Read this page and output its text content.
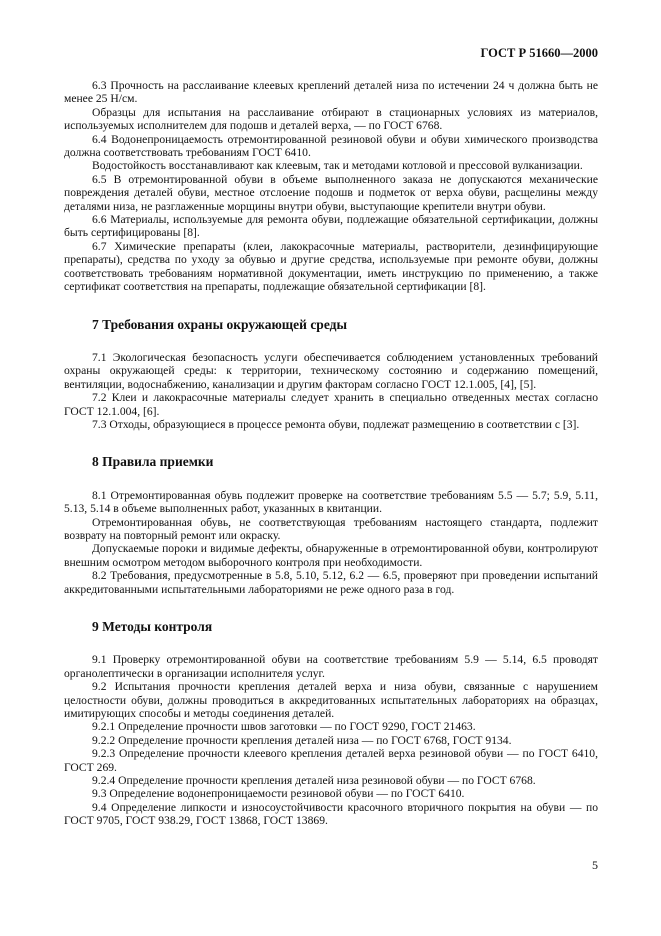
ГОСТ Р 51660—2000

6.3 Прочность на расслаивание клеевых креплений деталей низа по истечении 24 ч должна быть не менее 25 Н/см.

Образцы для испытания на расслаивание отбирают в стационарных условиях из материалов, используемых исполнителем для подошв и деталей верха, — по ГОСТ 6768.

6.4 Водонепроницаемость отремонтированной резиновой обуви и обуви химического производства должна соответствовать требованиям ГОСТ 6410.

Водостойкость восстанавливают как клеевым, так и методами котловой и прессовой вулканизации.

6.5 В отремонтированной обуви в объеме выполненного заказа не допускаются механические повреждения деталей обуви, местное отслоение подошв и подметок от верха обуви, расщелины между деталями низа, не разглаженные морщины внутри обуви, выступающие крепители внутри обуви.

6.6 Материалы, используемые для ремонта обуви, подлежащие обязательной сертификации, должны быть сертифицированы [8].

6.7 Химические препараты (клеи, лакокрасочные материалы, растворители, дезинфицирующие препараты), средства по уходу за обувью и другие средства, используемые при ремонте обуви, должны соответствовать требованиям нормативной документации, иметь инструкцию по применению, а также сертификат соответствия на препараты, подлежащие обязательной сертификации [8].

7 Требования охраны окружающей среды

7.1 Экологическая безопасность услуги обеспечивается соблюдением установленных требований охраны окружающей среды: к территории, техническому состоянию и содержанию помещений, вентиляции, водоснабжению, канализации и другим факторам согласно ГОСТ 12.1.005, [4], [5].

7.2 Клеи и лакокрасочные материалы следует хранить в специально отведенных местах согласно ГОСТ 12.1.004, [6].

7.3 Отходы, образующиеся в процессе ремонта обуви, подлежат размещению в соответствии с [3].

8 Правила приемки

8.1 Отремонтированная обувь подлежит проверке на соответствие требованиям 5.5 — 5.7; 5.9, 5.11, 5.13, 5.14 в объеме выполненных работ, указанных в квитанции.

Отремонтированная обувь, не соответствующая требованиям настоящего стандарта, подлежит возврату на повторный ремонт или окраску.

Допускаемые пороки и видимые дефекты, обнаруженные в отремонтированной обуви, контролируют внешним осмотром методом выборочного контроля при необходимости.

8.2 Требования, предусмотренные в 5.8, 5.10, 5.12, 6.2 — 6.5, проверяют при проведении испытаний аккредитованными испытательными лабораториями не реже одного раза в год.

9 Методы контроля

9.1 Проверку отремонтированной обуви на соответствие требованиям 5.9 — 5.14, 6.5 проводят органолептически в организации исполнителя услуг.

9.2 Испытания прочности крепления деталей верха и низа обуви, связанные с нарушением целостности обуви, должны проводиться в аккредитованных испытательных лабораториях на образцах, имитирующих способы и методы соединения деталей.

9.2.1 Определение прочности швов заготовки — по ГОСТ 9290, ГОСТ 21463.

9.2.2 Определение прочности крепления деталей низа — по ГОСТ 6768, ГОСТ 9134.

9.2.3 Определение прочности клеевого крепления деталей верха резиновой обуви — по ГОСТ 6410, ГОСТ 269.

9.2.4 Определение прочности крепления деталей низа резиновой обуви — по ГОСТ 6768.

9.3 Определение водонепроницаемости резиновой обуви — по ГОСТ 6410.

9.4 Определение липкости и износоустойчивости красочного вторичного покрытия на обуви — по ГОСТ 9705, ГОСТ 938.29, ГОСТ 13868, ГОСТ 13869.

5
